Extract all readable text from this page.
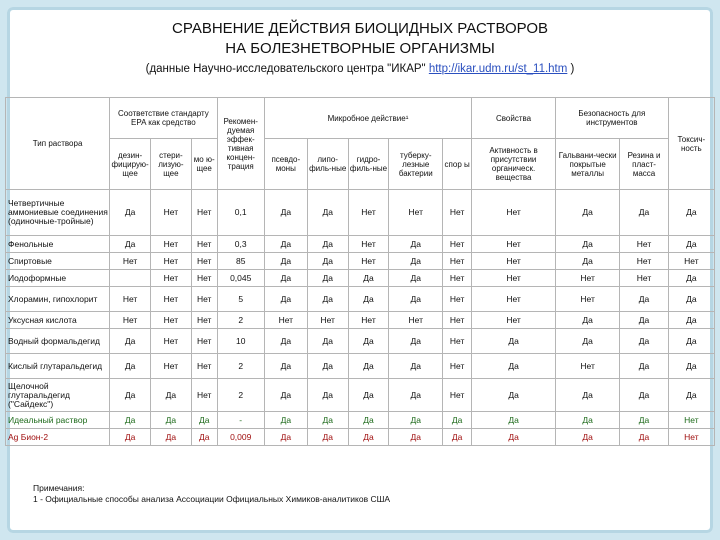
СРАВНЕНИЕ ДЕЙСТВИЯ БИОЦИДНЫХ РАСТВОРОВ
НА БОЛЕЗНЕТВОРНЫЕ ОРГАНИЗМЫ
(данные Научно-исследовательского центра "ИКАР" http://ikar.udm.ru/st_11.htm )
Тип раствора	Соответствие стандарту EPA как средство			Рекомен-дуемая эффек-тивная концен-трация	Микробное действие¹					Свойства	Безопасность для инструментов		Токсич-ность
	дезин-фицирую-щее	стери-лизую-щее	мо ю-щее		псевдо-моны	липо-филь-ные	гидро-филь-ные	туберку-лезные бактерии	спор ы	Активность в присутствии органическ. вещества	Гальвани-чески покрытые металлы	Резина и пласт-масса	
Четвертичные аммониевые соединения (одиночные-тройные)	Да	Нет	Нет	0,1	Да	Да	Нет	Нет	Нет	Нет	Да	Да	Да
Фенольные	Да	Нет	Нет	0,3	Да	Да	Нет	Да	Нет	Нет	Да	Нет	Да
Спиртовые	Нет	Нет	Нет	85	Да	Да	Нет	Да	Нет	Нет	Да	Нет	Нет
Иодоформные		Нет	Нет	0,045	Да	Да	Да	Да	Нет	Нет	Нет	Нет	Да
Хлорамин, гипохлорит	Нет	Нет	Нет	5	Да	Да	Да	Да	Нет	Нет	Нет	Да	Да
Уксусная кислота	Нет	Нет	Нет	2	Нет	Нет	Нет	Нет	Нет	Нет	Да	Да	Да
Водный формальдегид	Да	Нет	Нет	10	Да	Да	Да	Да	Нет	Да	Да	Да	Да
Кислый глутаральдегид	Да	Нет	Нет	2	Да	Да	Да	Да	Нет	Да	Нет	Да	Да
Щелочной глутаральдегид ("Сайдекс")	Да	Да	Нет	2	Да	Да	Да	Да	Нет	Да	Да	Да	Да
Идеальный раствор	Да	Да	Да	-	Да	Да	Да	Да	Да	Да	Да	Да	Нет
Ag Бион-2	Да	Да	Да	0,009	Да	Да	Да	Да	Да	Да	Да	Да	Нет
Примечания:
1 - Официальные способы анализа Ассоциации Официальных Химиков-аналитиков США
